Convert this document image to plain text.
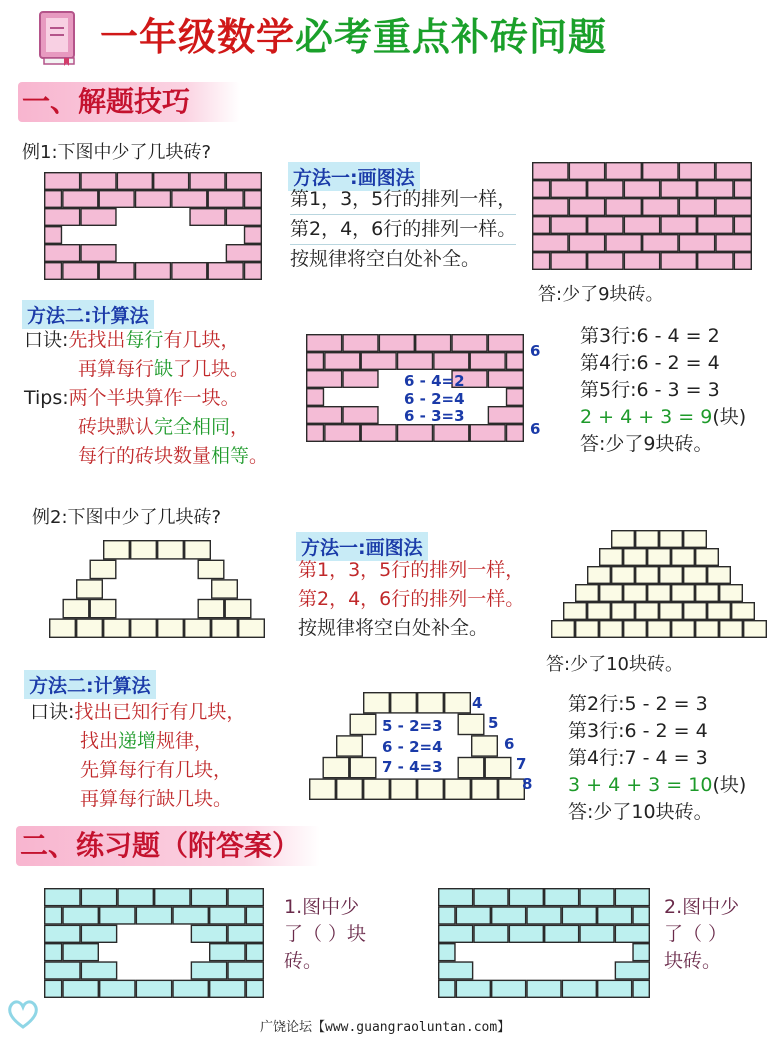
一年级数学必考重点补砖问题
一、解题技巧
例1:下图中少了几块砖?
方法一:画图法
第1，3，5行的排列一样，
第2，4，6行的排列一样。
按规律将空白处补全。
答:少了9块砖。
方法二:计算法
口诀:先找出每行有几块，
再算每行缺了几块。
Tips:两个半块算作一块。
砖块默认完全相同，
每行的砖块数量相等。
6
6
6 - 4=2
6 - 2=4
6 - 3=3
第3行:6 - 4 = 2
第4行:6 - 2 = 4
第5行:6 - 3 = 3
2 + 4 + 3 = 9(块)
答:少了9块砖。
例2:下图中少了几块砖?
方法一:画图法
第1，3，5行的排列一样，
第2，4，6行的排列一样。
按规律将空白处补全。
答:少了10块砖。
方法二:计算法
口诀:找出已知行有几块，
找出递增规律，
先算每行有几块，
再算每行缺几块。
4
5
6
7
8
5 - 2=3
6 - 2=4
7 - 4=3
第2行:5 - 2 = 3
第3行:6 - 2 = 4
第4行:7 - 4 = 3
3 + 4 + 3 = 10(块)
答:少了10块砖。
二、练习题（附答案）
1.图中少
了（ ）块
砖。
2.图中少
了（ ）
块砖。
广饶论坛【www.guangraoluntan.com】
